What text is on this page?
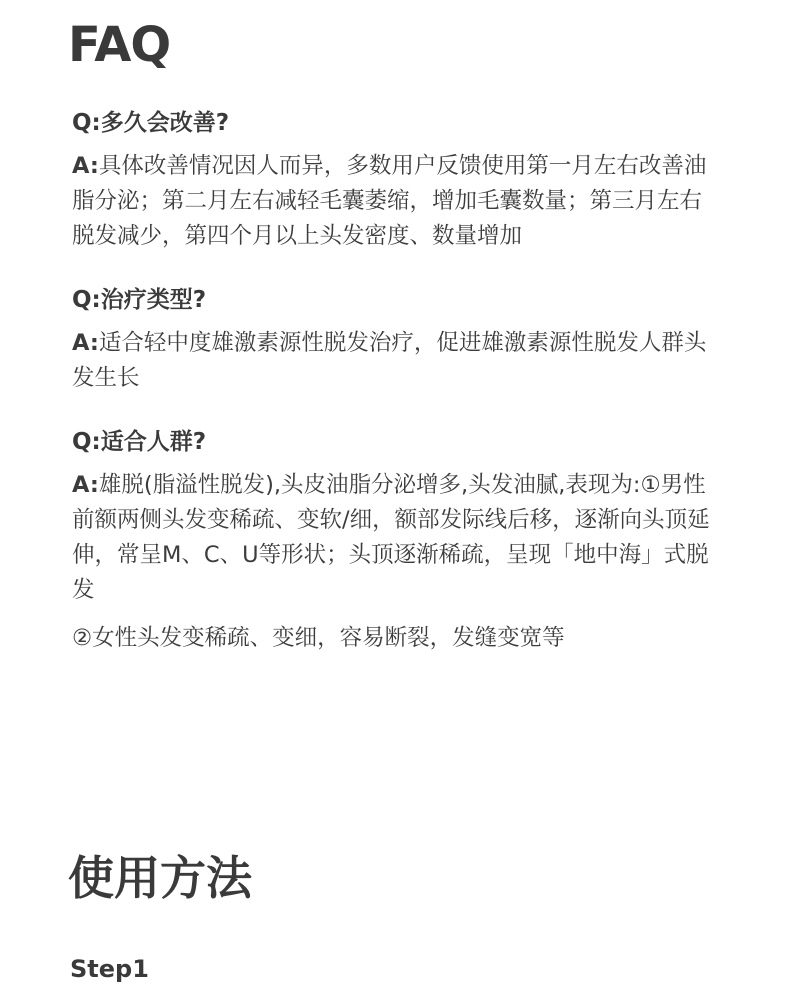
FAQ
Q:多久会改善?

A:具体改善情况因人而异，多数用户反馈使用第一月左右改善油脂分泌；第二月左右减轻毛囊萎缩，增加毛囊数量；第三月左右脱发减少，第四个月以上头发密度、数量增加

Q:治疗类型?

A:适合轻中度雄激素源性脱发治疗，促进雄激素源性脱发人群头发生长

Q:适合人群?

A:雄脱(脂溢性脱发),头皮油脂分泌增多,头发油腻,表现为:①男性前额两侧头发变稀疏、变软/细，额部发际线后移，逐渐向头顶延伸，常呈M、C、U等形状；头顶逐渐稀疏，呈现「地中海」式脱发

②女性头发变稀疏、变细，容易断裂，发缝变宽等

使用方法
Step1
